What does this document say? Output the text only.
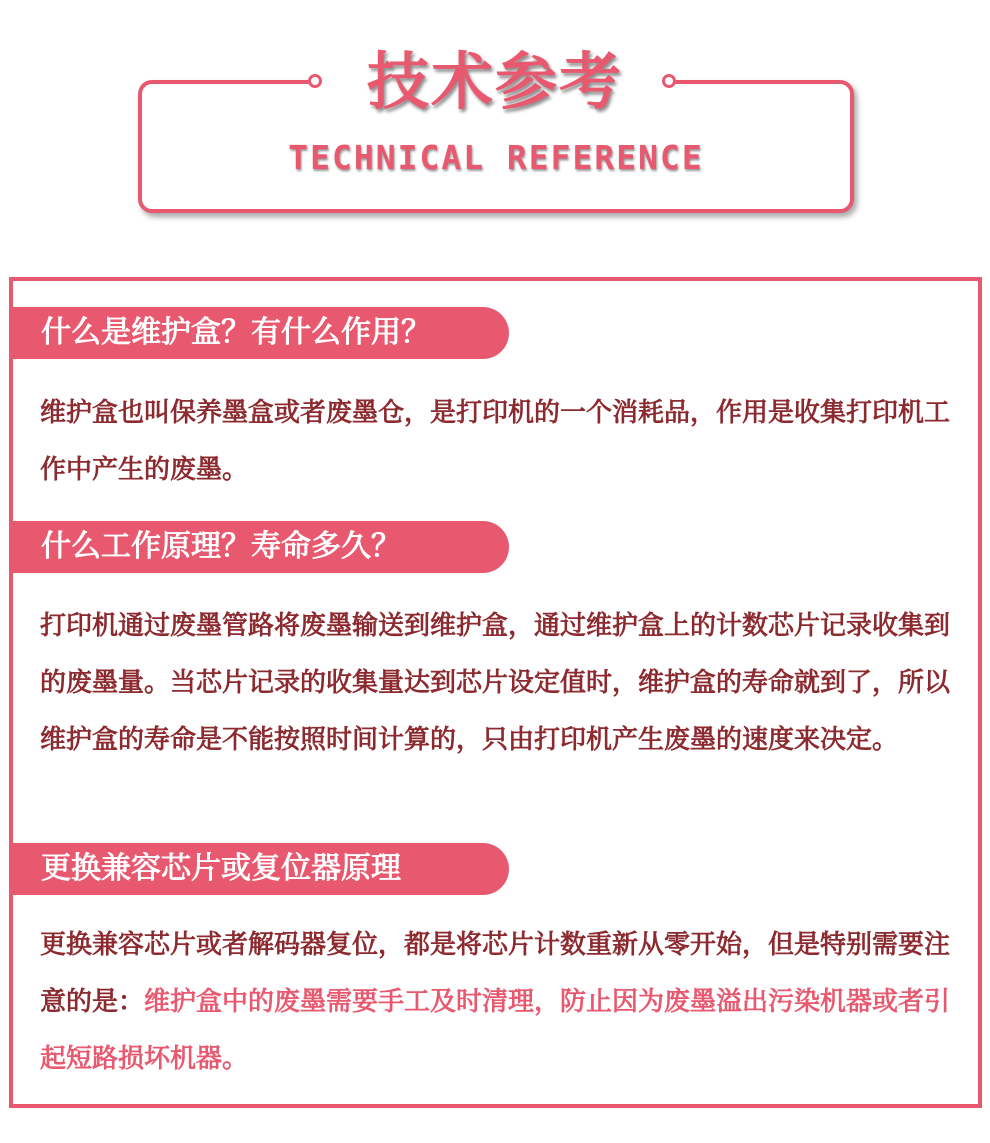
技术参考
TECHNICAL REFERENCE
什么是维护盒？有什么作用？

维护盒也叫保养墨盒或者废墨仓，是打印机的一个消耗品，作用是收集打印机工作中产生的废墨。

什么工作原理？寿命多久？

打印机通过废墨管路将废墨输送到维护盒，通过维护盒上的计数芯片记录收集到的废墨量。当芯片记录的收集量达到芯片设定值时，维护盒的寿命就到了，所以维护盒的寿命是不能按照时间计算的，只由打印机产生废墨的速度来决定。

更换兼容芯片或复位器原理

更换兼容芯片或者解码器复位，都是将芯片计数重新从零开始，但是特别需要注意的是：维护盒中的废墨需要手工及时清理，防止因为废墨溢出污染机器或者引起短路损坏机器。
